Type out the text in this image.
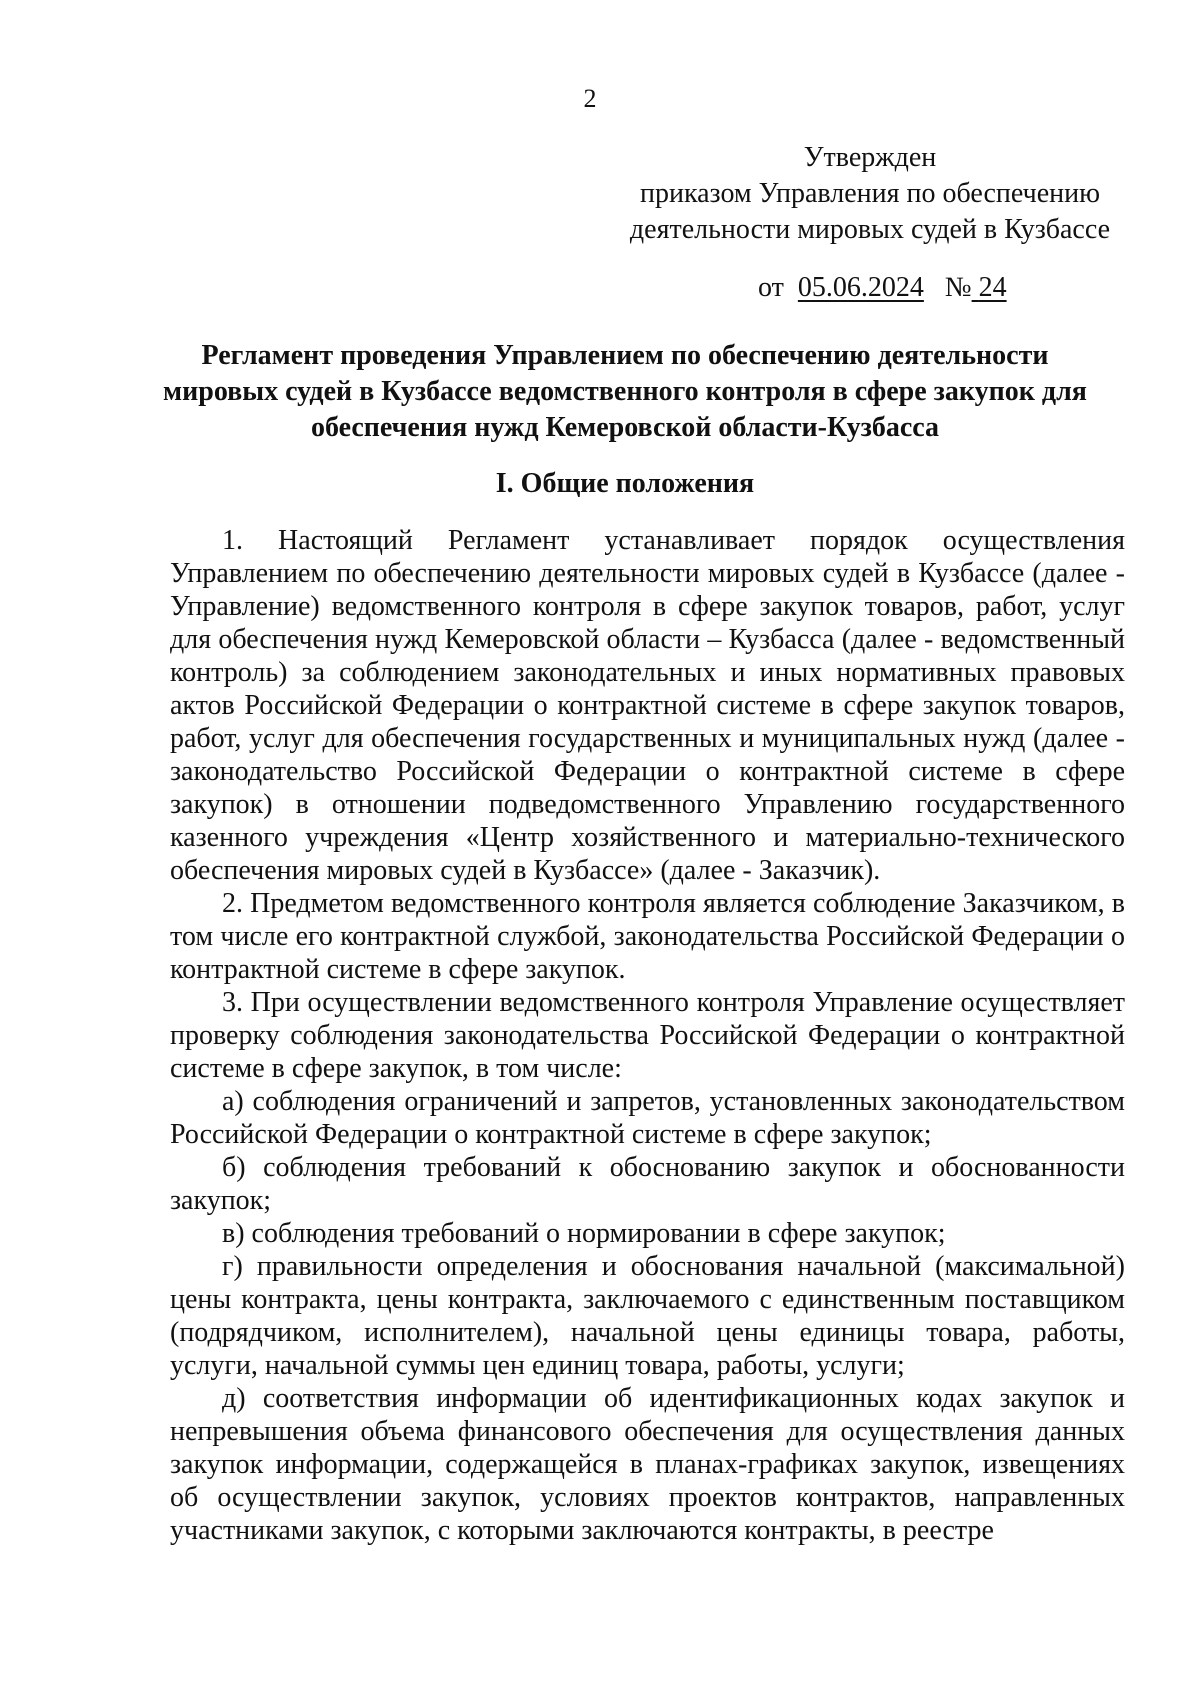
2
Утвержден
приказом Управления по обеспечению
деятельности мировых судей в Кузбассе
от 05.06.2024 № 24
Регламент проведения Управлением по обеспечению деятельности
мировых судей в Кузбассе ведомственного контроля в сфере закупок для
обеспечения нужд Кемеровской области-Кузбасса
I. Общие положения

1. Настоящий Регламент устанавливает порядок осуществления Управлением по обеспечению деятельности мировых судей в Кузбассе (далее - Управление) ведомственного контроля в сфере закупок товаров, работ, услуг для обеспечения нужд Кемеровской области – Кузбасса (далее - ведомственный контроль) за соблюдением законодательных и иных нормативных правовых актов Российской Федерации о контрактной системе в сфере закупок товаров, работ, услуг для обеспечения государственных и муниципальных нужд (далее - законодательство Российской Федерации о контрактной системе в сфере закупок) в отношении подведомственного Управлению государственного казенного учреждения «Центр хозяйственного и материально-технического обеспечения мировых судей в Кузбассе» (далее - Заказчик).

2. Предметом ведомственного контроля является соблюдение Заказчиком, в том числе его контрактной службой, законодательства Российской Федерации о контрактной системе в сфере закупок.

3. При осуществлении ведомственного контроля Управление осуществляет проверку соблюдения законодательства Российской Федерации о контрактной системе в сфере закупок, в том числе:

а) соблюдения ограничений и запретов, установленных законодательством Российской Федерации о контрактной системе в сфере закупок;

б) соблюдения требований к обоснованию закупок и обоснованности закупок;

в) соблюдения требований о нормировании в сфере закупок;

г) правильности определения и обоснования начальной (максимальной) цены контракта, цены контракта, заключаемого с единственным поставщиком (подрядчиком, исполнителем), начальной цены единицы товара, работы, услуги, начальной суммы цен единиц товара, работы, услуги;

д) соответствия информации об идентификационных кодах закупок и непревышения объема финансового обеспечения для осуществления данных закупок информации, содержащейся в планах-графиках закупок, извещениях об осуществлении закупок, условиях проектов контрактов, направленных участниками закупок, с которыми заключаются контракты, в реестре
